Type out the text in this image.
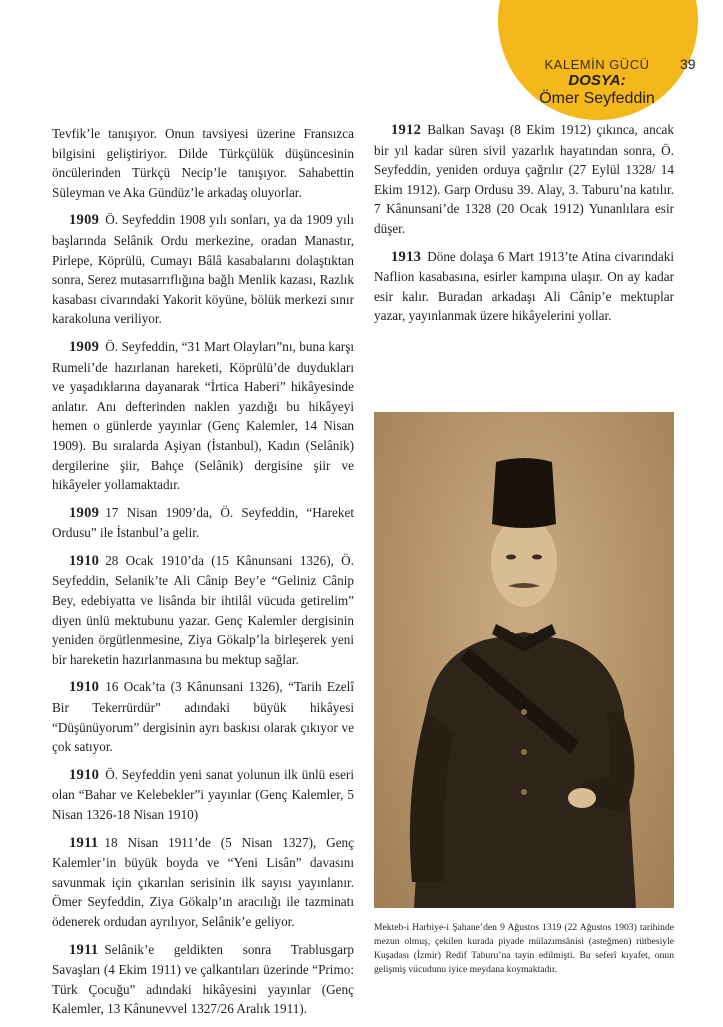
KALEMİN GÜCÜ
DOSYA:
Ömer Seyfeddin
39

Tevfik’le tanışıyor. Onun tavsiyesi üzerine Fransızca bilgisini geliştiriyor. Dilde Türkçülük düşüncesinin öncülerinden Türkçü Necip’le tanışıyor. Sahabettin Süleyman ve Aka Gündüz’le arkadaş oluyorlar.

1909 Ö. Seyfeddin 1908 yılı sonları, ya da 1909 yılı başlarında Selânik Ordu merkezine, oradan Manastır, Pirlepe, Köprülü, Cumayı Bâlâ kasabalarını dolaştıktan sonra, Serez mutasarrıflığına bağlı Menlik kazası, Razlık kasabası civarındaki Yakorit köyüne, bölük merkezi sınır karakoluna veriliyor.

1909 Ö. Seyfeddin, “31 Mart Olayları”nı, buna karşı Rumeli’de hazırlanan hareketi, Köprülü’de duydukları ve yaşadıklarına dayanarak “İrtica Haberi” hikâyesinde anlatır. Anı defterinden naklen yazdığı bu hikâyeyi hemen o günlerde yayınlar (Genç Kalemler, 14 Nisan 1909). Bu sıralarda Aşiyan (İstanbul), Kadın (Selânik) dergilerine şiir, Bahçe (Selânik) dergisine şiir ve hikâyeler yollamaktadır.

1909 17 Nisan 1909’da, Ö. Seyfeddin, “Hareket Ordusu” ile İstanbul’a gelir.

1910 28 Ocak 1910’da (15 Kânunsani 1326), Ö. Seyfeddin, Selanik’te Ali Cânip Bey’e “Geliniz Cânip Bey, edebiyatta ve lisânda bir ihtilâl vücuda getirelim” diyen ünlü mektubunu yazar. Genç Kalemler dergisinin yeniden örgütlenmesine, Ziya Gökalp’la birleşerek yeni bir hareketin hazırlanmasına bu mektup sağlar.

1910 16 Ocak’ta (3 Kânunsani 1326), “Tarih Ezelî Bir Tekerrürdür” adındaki büyük hikâyesi “Düşünüyorum” dergisinin ayrı baskısı olarak çıkıyor ve çok satıyor.

1910 Ö. Seyfeddin yeni sanat yolunun ilk ünlü eseri olan “Bahar ve Kelebekler”i yayınlar (Genç Kalemler, 5 Nisan 1326-18 Nisan 1910)

1911 18 Nisan 1911’de (5 Nisan 1327), Genç Kalemler’in büyük boyda ve “Yeni Lisân” davasını savunmak için çıkarılan serisinin ilk sayısı yayınlanır. Ömer Seyfeddin, Ziya Gökalp’ın aracılığı ile tazminatı ödenerek ordudan ayrılıyor, Selânik’e geliyor.

1911 Selânik’e geldikten sonra Trablusgarp Savaşları (4 Ekim 1911) ve çalkantıları üzerinde “Primo: Türk Çocuğu” adındaki hikâyesini yayınlar (Genç Kalemler, 13 Kânunevvel 1327/26 Aralık 1911).

1912 Balkan Savaşı (8 Ekim 1912) çıkınca, ancak bir yıl kadar süren sivil yazarlık hayatından sonra, Ö. Seyfeddin, yeniden orduya çağrılır (27 Eylül 1328/ 14 Ekim 1912). Garp Ordusu 39. Alay, 3. Taburu’na katılır. 7 Kânunsani’de 1328 (20 Ocak 1912) Yunanlılara esir düşer.

1913 Döne dolaşa 6 Mart 1913’te Atina civarındaki Naflion kasabasına, esirler kampına ulaşır. On ay kadar esir kalır. Buradan arkadaşı Ali Cânip’e mektuplar yazar, yayınlanmak üzere hikâyelerini yollar.

Mekteb-i Harbiye-i Şahane’den 9 Ağustos 1319 (22 Ağustos 1903) tarihinde mezun olmuş, çekilen kurada piyade mülazımsânisi (asteğmen) rütbesiyle Kuşadası (İzmir) Redif Taburu’na tayin edilmişti. Bu seferî kıyafet, onun gelişmiş vücudunu iyice meydana koymaktadır.
